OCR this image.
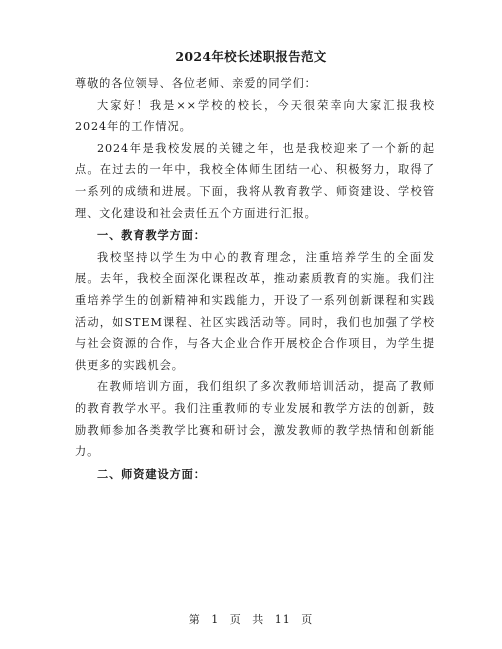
2024年校长述职报告范文

尊敬的各位领导、各位老师、亲爱的同学们：

大家好！我是××学校的校长，今天很荣幸向大家汇报我校2024年的工作情况。

2024年是我校发展的关键之年，也是我校迎来了一个新的起点。在过去的一年中，我校全体师生团结一心、积极努力，取得了一系列的成绩和进展。下面，我将从教育教学、师资建设、学校管理、文化建设和社会责任五个方面进行汇报。

一、教育教学方面：

我校坚持以学生为中心的教育理念，注重培养学生的全面发展。去年，我校全面深化课程改革，推动素质教育的实施。我们注重培养学生的创新精神和实践能力，开设了一系列创新课程和实践活动，如STEM课程、社区实践活动等。同时，我们也加强了学校与社会资源的合作，与各大企业合作开展校企合作项目，为学生提供更多的实践机会。

在教师培训方面，我们组织了多次教师培训活动，提高了教师的教育教学水平。我们注重教师的专业发展和教学方法的创新，鼓励教师参加各类教学比赛和研讨会，激发教师的教学热情和创新能力。

二、师资建设方面：

第 1 页 共 11 页
